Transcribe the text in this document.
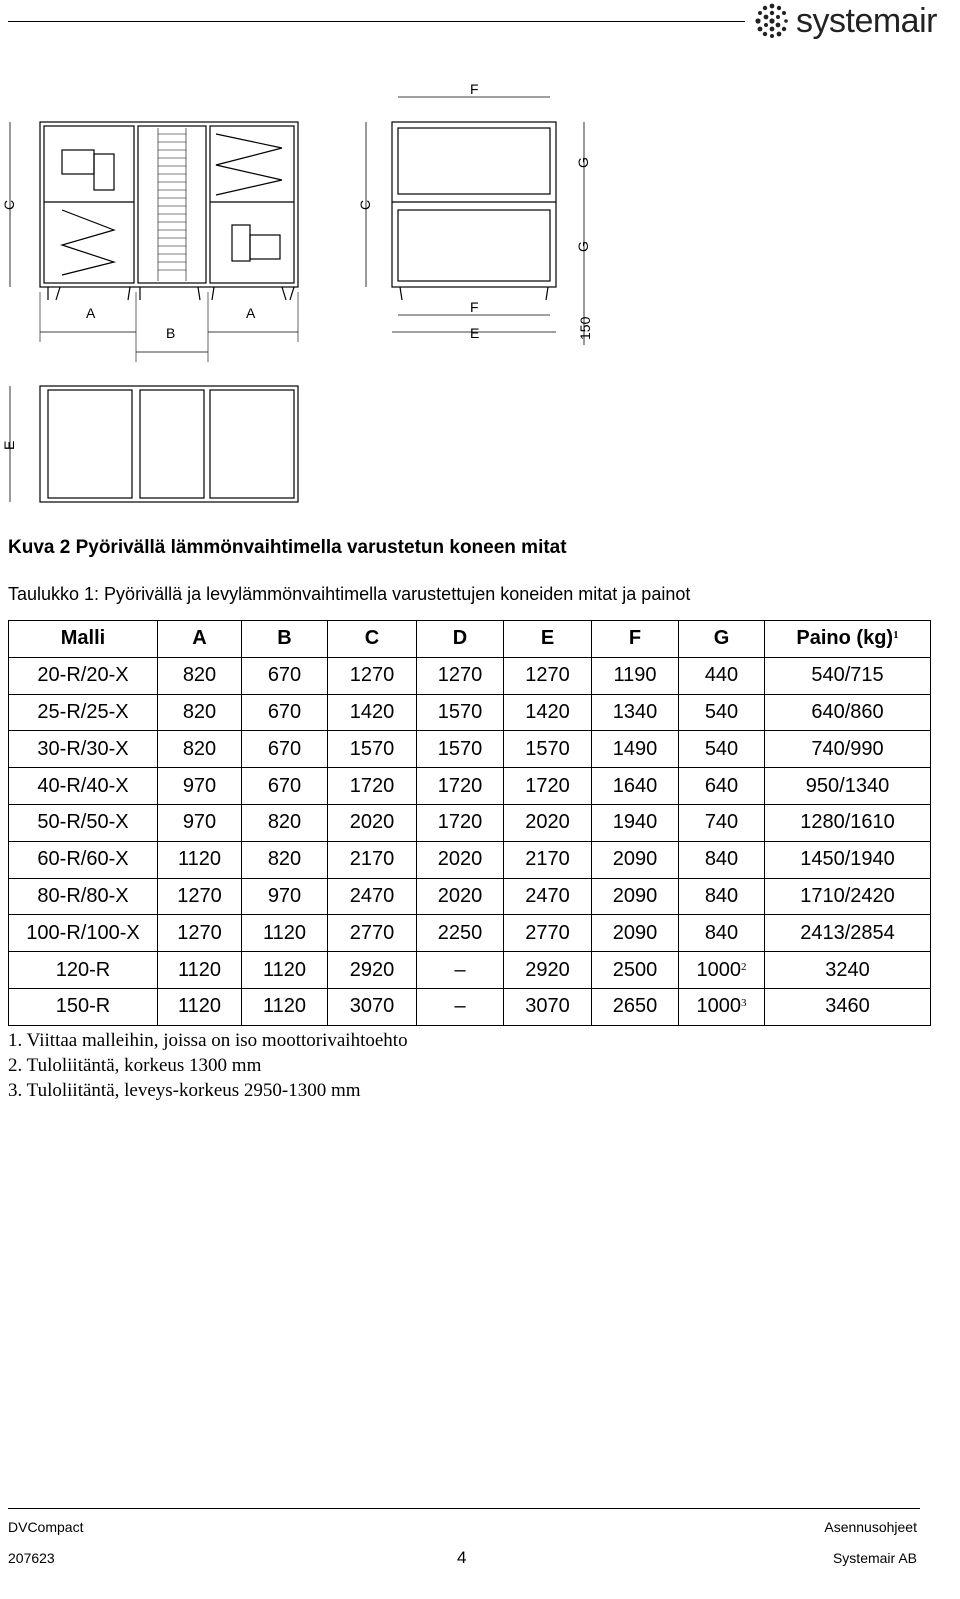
systemair
A
B
A
C
F
C
G
G
F
E	150
E
Kuva 2 Pyörivällä lämmönvaihtimella varustetun koneen mitat
Taulukko 1: Pyörivällä ja levylämmönvaihtimella varustettujen koneiden mitat ja painot
Malli	A	B	C	D	E	F	G	Paino (kg)$^1$
20-R/20-X	820	670	1270	1270	1270	1190	440	540/715
25-R/25-X	820	670	1420	1570	1420	1340	540	640/860
30-R/30-X	820	670	1570	1570	1570	1490	540	740/990
40-R/40-X	970	670	1720	1720	1720	1640	640	950/1340
50-R/50-X	970	820	2020	1720	2020	1940	740	1280/1610
60-R/60-X	1120	820	2170	2020	2170	2090	840	1450/1940
80-R/80-X	1270	970	2470	2020	2470	2090	840	1710/2420
100-R/100-X	1270	1120	2770	2250	2770	2090	840	2413/2854
120-R	1120	1120	2920	–	2920	2500	1000$^2$	3240
150-R	1120	1120	3070	–	3070	2650	1000$^3$	3460
1. Viittaa malleihin, joissa on iso moottorivaihtoehto
2. Tuloliitäntä, korkeus 1300 mm
3. Tuloliitäntä, leveys-korkeus 2950-1300 mm
DVCompact
207623	4
Asennusohjeet
Systemair AB
